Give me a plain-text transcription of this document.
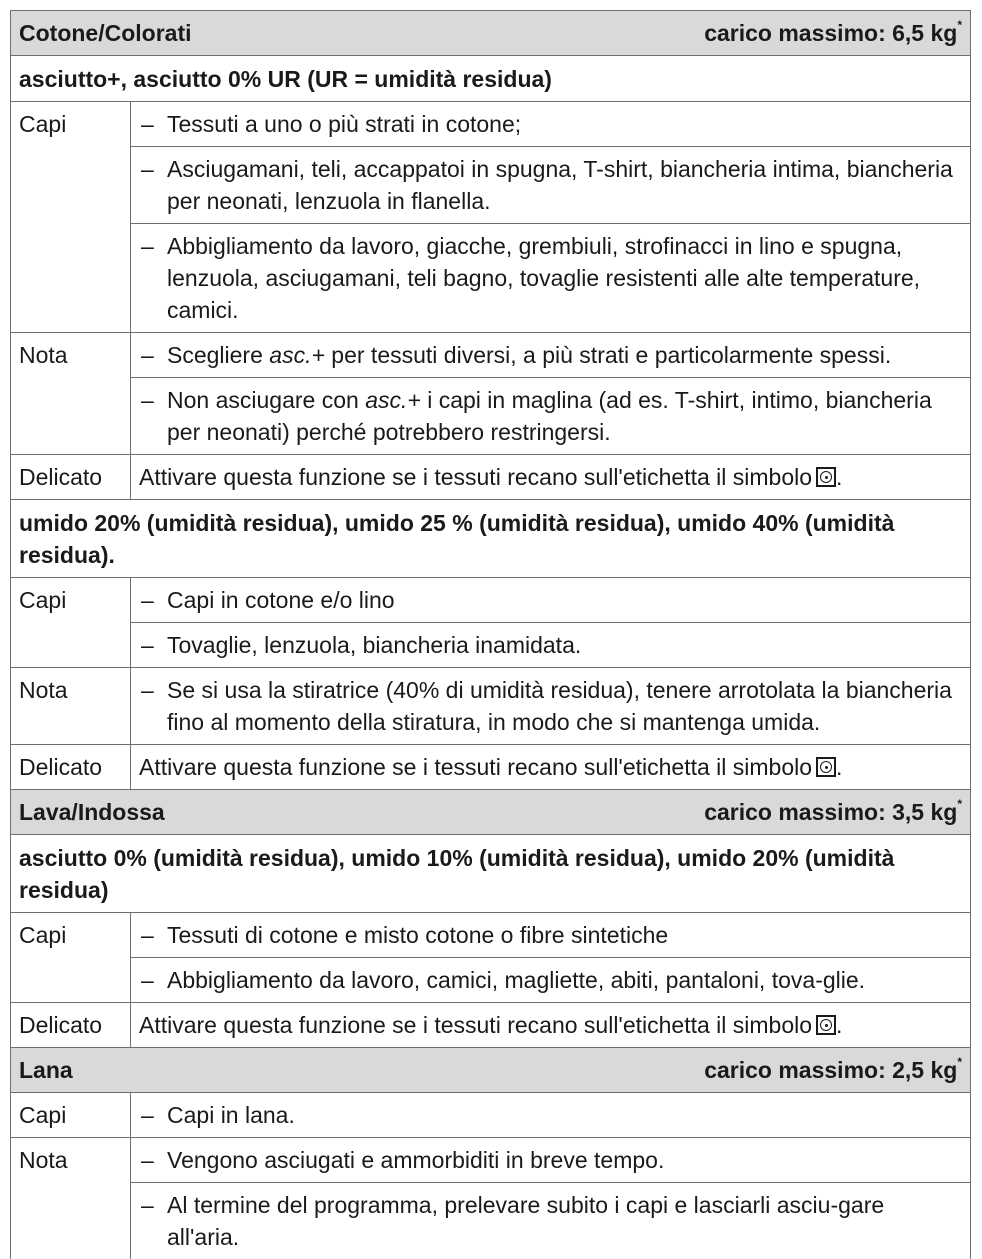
Cotone/Colorati	carico massimo: 6,5 kg*
asciutto+, asciutto 0% UR (UR = umidità residua)
Capi	– Tessuti a uno o più strati in cotone;
– Asciugamani, teli, accappatoi in spugna, T-shirt, biancheria intima, biancheria per neonati, lenzuola in flanella.
– Abbigliamento da lavoro, giacche, grembiuli, strofinacci in lino e spugna, lenzuola, asciugamani, teli bagno, tovaglie resistenti alle alte temperature, camici.
Nota	– Scegliere asc.+ per tessuti diversi, a più strati e particolarmente spessi.
– Non asciugare con asc.+ i capi in maglina (ad es. T-shirt, intimo, biancheria per neonati) perché potrebbero restringersi.
Delicato	Attivare questa funzione se i tessuti recano sull'etichetta il simbolo .
umido 20% (umidità residua), umido 25 % (umidità residua), umido 40% (umidità residua).
Capi	– Capi in cotone e/o lino
– Tovaglie, lenzuola, biancheria inamidata.
Nota	– Se si usa la stiratrice (40% di umidità residua), tenere arrotolata la biancheria fino al momento della stiratura, in modo che si mantenga umida.
Delicato	Attivare questa funzione se i tessuti recano sull'etichetta il simbolo .
Lava/Indossa	carico massimo: 3,5 kg*
asciutto 0% (umidità residua), umido 10% (umidità residua), umido 20% (umidità residua)
Capi	– Tessuti di cotone e misto cotone o fibre sintetiche
– Abbigliamento da lavoro, camici, magliette, abiti, pantaloni, tova-glie.
Delicato	Attivare questa funzione se i tessuti recano sull'etichetta il simbolo .
Lana	carico massimo: 2,5 kg*
Capi	– Capi in lana.
Nota	– Vengono asciugati e ammorbiditi in breve tempo.
– Al termine del programma, prelevare subito i capi e lasciarli asciu-gare all'aria.
